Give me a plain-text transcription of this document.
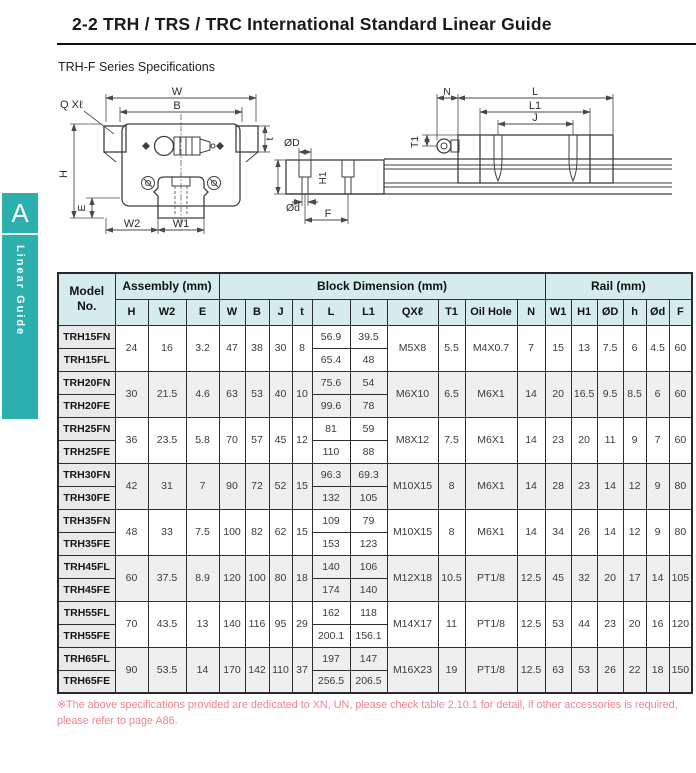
2-2 TRH / TRS / TRC International Standard Linear Guide
TRH-F Series Specifications
A
Linear Guide
W
B
Q Xℓ
H
E
W2	W1
t
H1
ØD
Ød F
T1
N	L
L1
J
Model No.	Assembly (mm)			Block Dimension (mm)										Rail (mm)					
	H	W2	E	W	B	J	t	L	L1	QXℓ	T1	Oil Hole	N	W1	H1	ØD	h	Ød	F
TRH15FN	24	16	3.2	47	38	30	8	56.9	39.5	M5X8	5.5	M4X0.7	7	15	13	7.5	6	4.5	60
TRH15FL								65.4	48										
TRH20FN	30	21.5	4.6	63	53	40	10	75.6	54	M6X10	6.5	M6X1	14	20	16.5	9.5	8.5	6	60
TRH20FE								99.6	78										
TRH25FN	36	23.5	5.8	70	57	45	12	81	59	M8X12	7.5	M6X1	14	23	20	11	9	7	60
TRH25FE								110	88										
TRH30FN	42	31	7	90	72	52	15	96.3	69.3	M10X15	8	M6X1	14	28	23	14	12	9	80
TRH30FE								132	105										
TRH35FN	48	33	7.5	100	82	62	15	109	79	M10X15	8	M6X1	14	34	26	14	12	9	80
TRH35FE								153	123										
TRH45FL	60	37.5	8.9	120	100	80	18	140	106	M12X18	10.5	PT1/8	12.5	45	32	20	17	14	105
TRH45FE								174	140										
TRH55FL	70	43.5	13	140	116	95	29	162	118	M14X17	11	PT1/8	12.5	53	44	23	20	16	120
TRH55FE								200.1	156.1										
TRH65FL	90	53.5	14	170	142	110	37	197	147	M16X23	19	PT1/8	12.5	63	53	26	22	18	150
TRH65FE								256.5	206.5										
※The above specifications provided are dedicated to XN, UN, please check table 2.10.1 for detail, if other accessories is required, please refer to page A86.
